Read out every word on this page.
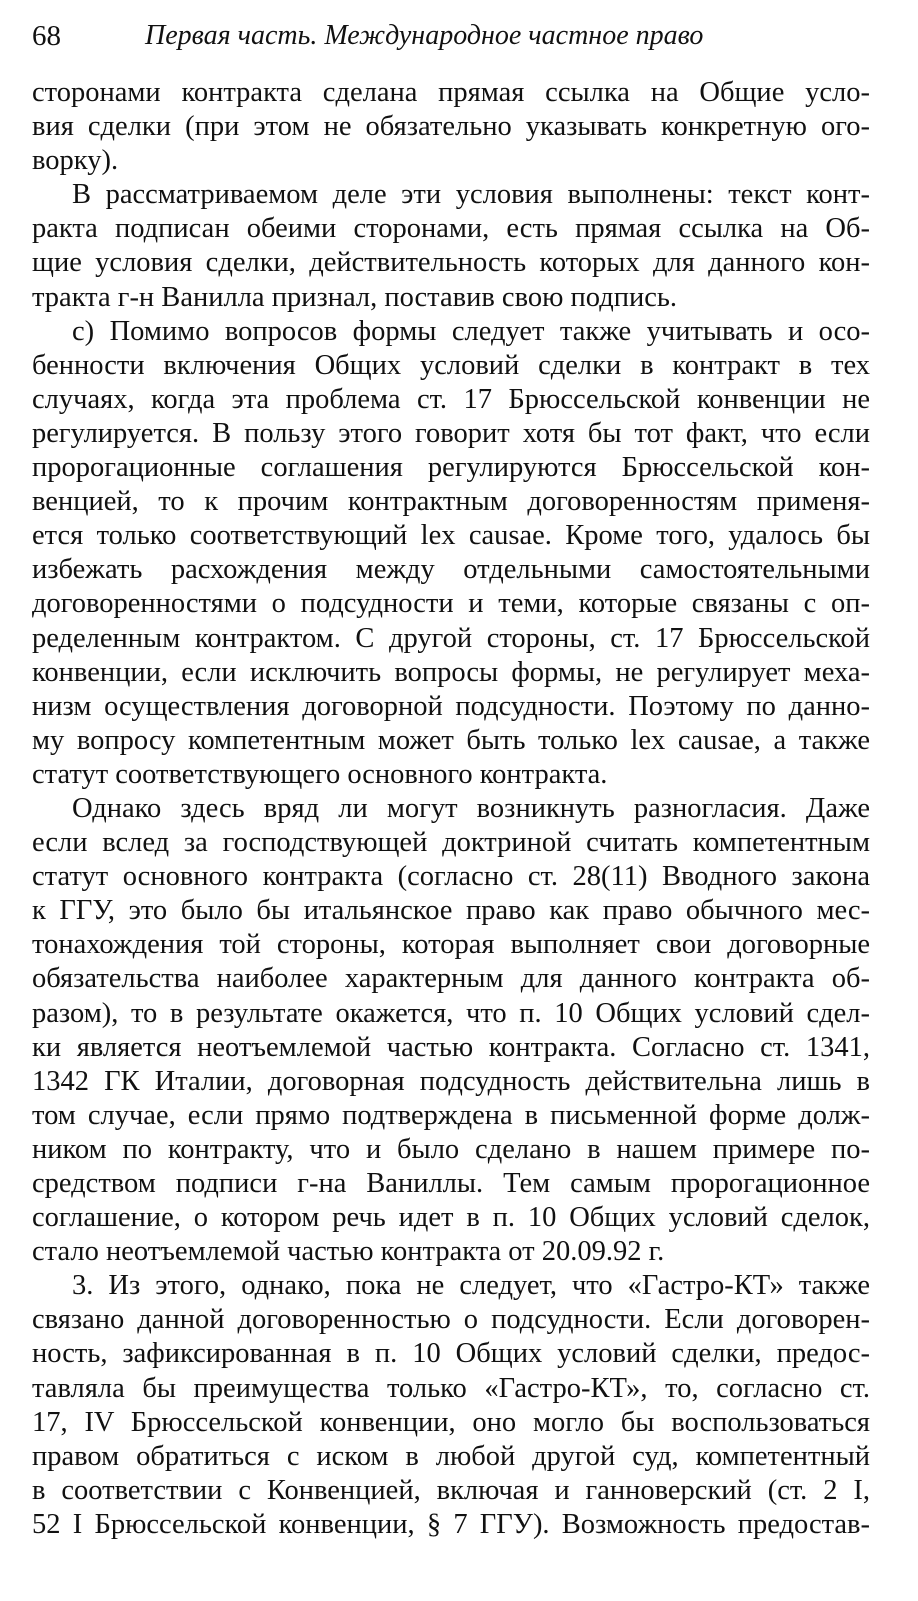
68	Первая часть. Международное частное право
сторонами контракта сделана прямая ссылка на Общие усло-
вия сделки (при этом не обязательно указывать конкретную ого-
ворку).
В рассматриваемом деле эти условия выполнены: текст конт-
ракта подписан обеими сторонами, есть прямая ссылка на Об-
щие условия сделки, действительность которых для данного кон-
тракта г-н Ванилла признал, поставив свою подпись.
с) Помимо вопросов формы следует также учитывать и осо-
бенности включения Общих условий сделки в контракт в тех
случаях, когда эта проблема ст. 17 Брюссельской конвенции не
регулируется. В пользу этого говорит хотя бы тот факт, что если
пророгационные соглашения регулируются Брюссельской кон-
венцией, то к прочим контрактным договоренностям применя-
ется только соответствующий lex causae. Кроме того, удалось бы
избежать расхождения между отдельными самостоятельными
договоренностями о подсудности и теми, которые связаны с оп-
ределенным контрактом. С другой стороны, ст. 17 Брюссельской
конвенции, если исключить вопросы формы, не регулирует меха-
низм осуществления договорной подсудности. Поэтому по данно-
му вопросу компетентным может быть только lex causae, а также
статут соответствующего основного контракта.
Однако здесь вряд ли могут возникнуть разногласия. Даже
если вслед за господствующей доктриной считать компетентным
статут основного контракта (согласно ст. 28(11) Вводного закона
к ГГУ, это было бы итальянское право как право обычного мес-
тонахождения той стороны, которая выполняет свои договорные
обязательства наиболее характерным для данного контракта об-
разом), то в результате окажется, что п. 10 Общих условий сдел-
ки является неотъемлемой частью контракта. Согласно ст. 1341,
1342 ГК Италии, договорная подсудность действительна лишь в
том случае, если прямо подтверждена в письменной форме долж-
ником по контракту, что и было сделано в нашем примере по-
средством подписи г-на Ваниллы. Тем самым пророгационное
соглашение, о котором речь идет в п. 10 Общих условий сделок,
стало неотъемлемой частью контракта от 20.09.92 г.
3. Из этого, однако, пока не следует, что «Гастро-КТ» также
связано данной договоренностью о подсудности. Если договорен-
ность, зафиксированная в п. 10 Общих условий сделки, предос-
тавляла бы преимущества только «Гастро-КТ», то, согласно ст.
17, IV Брюссельской конвенции, оно могло бы воспользоваться
правом обратиться с иском в любой другой суд, компетентный
в соответствии с Конвенцией, включая и ганноверский (ст. 2 I,
52 I Брюссельской конвенции, § 7 ГГУ). Возможность предостав-
